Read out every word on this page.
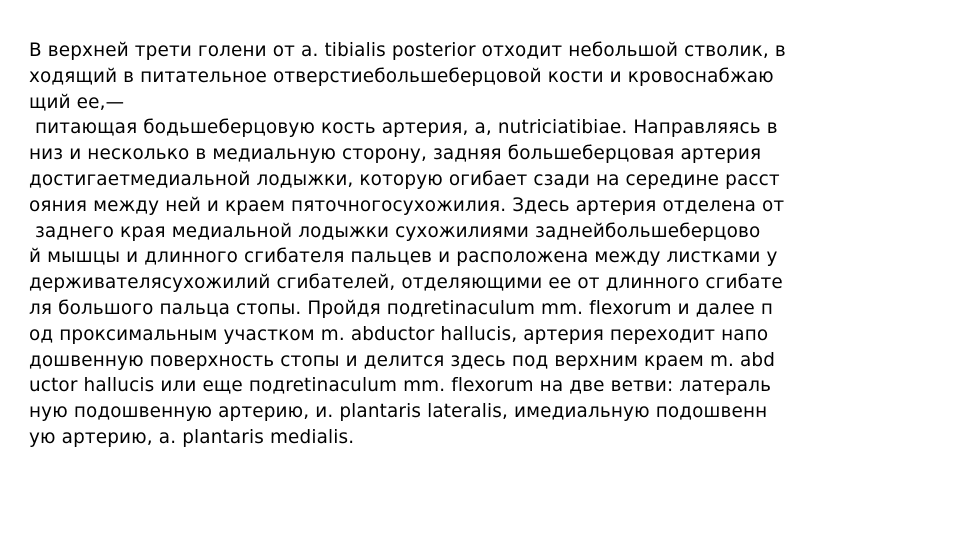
В верхней трети голени от a. tibialis posterior отходит небольшой стволик, в
ходящий в питательное отверстиебольшеберцовой кости и кровоснабжаю
щий ее,—
питающая бодьшеберцовую кость артерия, a, nutriciatibiae. Направляясь в
низ и несколько в медиальную сторону, задняя большеберцовая артерия
достигаетмедиальной лодыжки, которую огибает сзади на середине расст
ояния между ней и краем пяточногосухожилия. Здесь артерия отделена от
заднего края медиальной лодыжки сухожилиями заднейбольшеберцово
й мышцы и длинного сгибателя пальцев и расположена между листками у
держивателясухожилий сгибателей, отделяющими ее от длинного сгибате
ля большого пальца стопы. Пройдя подretinaculum mm. flexorum и далее п
од проксимальным участком m. abductor hallucis, артерия переходит напо
дошвенную поверхность стопы и делится здесь под верхним краем m. abd
uctor hallucis или еще подretinaculum mm. flexorum на две ветви: латераль
ную подошвенную артерию, и. plantaris lateralis, имедиальную подошвенн
ую артерию, a. plantaris medialis.
